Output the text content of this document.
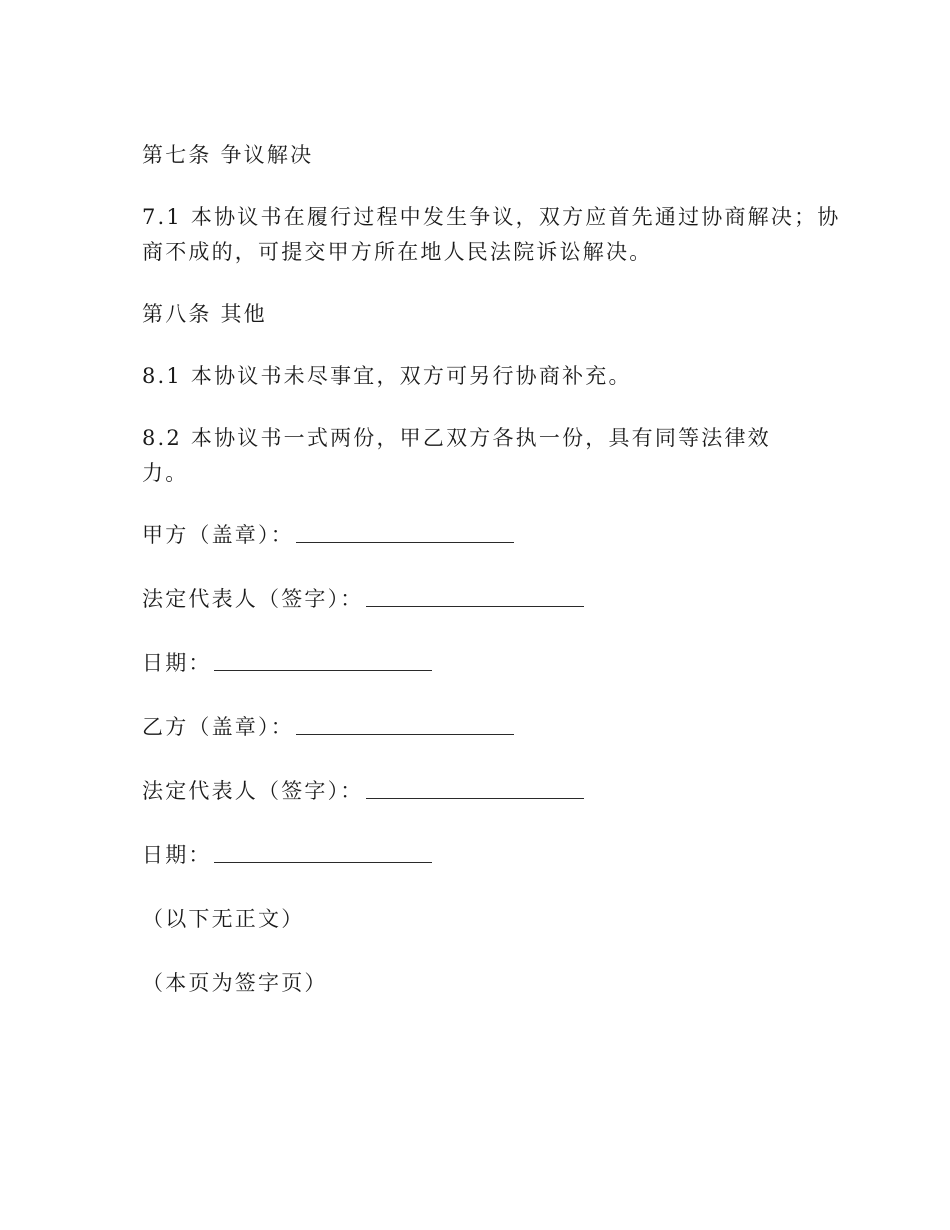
第七条 争议解决
7.1 本协议书在履行过程中发生争议，双方应首先通过协商解决；协
商不成的，可提交甲方所在地人民法院诉讼解决。
第八条 其他
8.1 本协议书未尽事宜，双方可另行协商补充。
8.2 本协议书一式两份，甲乙双方各执一份，具有同等法律效力。
甲方（盖章）：
法定代表人（签字）：
日期：
乙方（盖章）：
法定代表人（签字）：
日期：
（以下无正文）
（本页为签字页）
